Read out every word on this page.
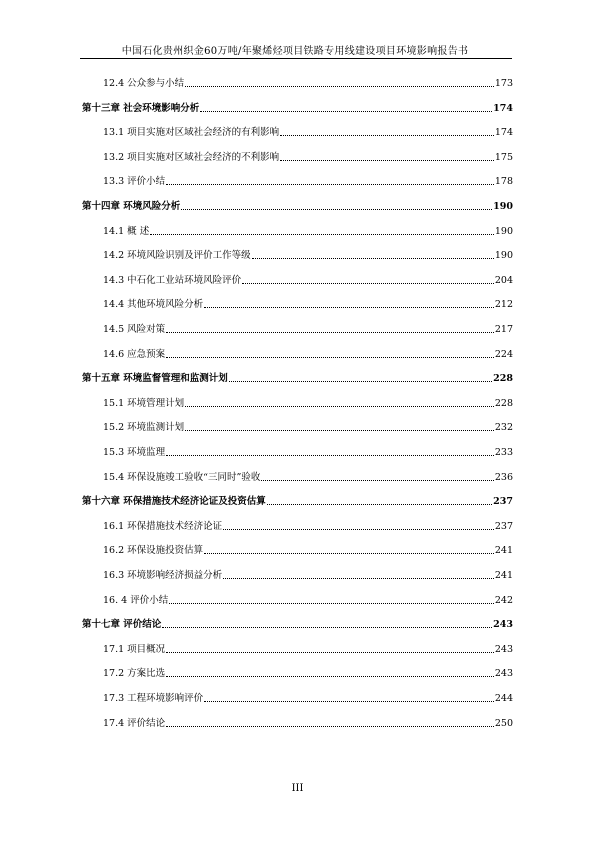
中国石化贵州织金60万吨/年聚烯烃项目铁路专用线建设项目环境影响报告书
12.4 公众参与小结	173
第十三章 社会环境影响分析	174
13.1 项目实施对区域社会经济的有利影响	174
13.2 项目实施对区域社会经济的不利影响	175
13.3 评价小结	178
第十四章 环境风险分析	190
14.1 概 述	190
14.2 环境风险识别及评价工作等级	190
14.3 中石化工业站环境风险评价	204
14.4 其他环境风险分析	212
14.5 风险对策	217
14.6 应急预案	224
第十五章 环境监督管理和监测计划	228
15.1 环境管理计划	228
15.2 环境监测计划	232
15.3 环境监理	233
15.4 环保设施竣工验收“三同时”验收	236
第十六章 环保措施技术经济论证及投资估算	237
16.1 环保措施技术经济论证	237
16.2 环保设施投资估算	241
16.3 环境影响经济损益分析	241
16. 4 评价小结	242
第十七章 评价结论	243
17.1 项目概况	243
17.2 方案比选	243
17.3 工程环境影响评价	244
17.4 评价结论	250
III
